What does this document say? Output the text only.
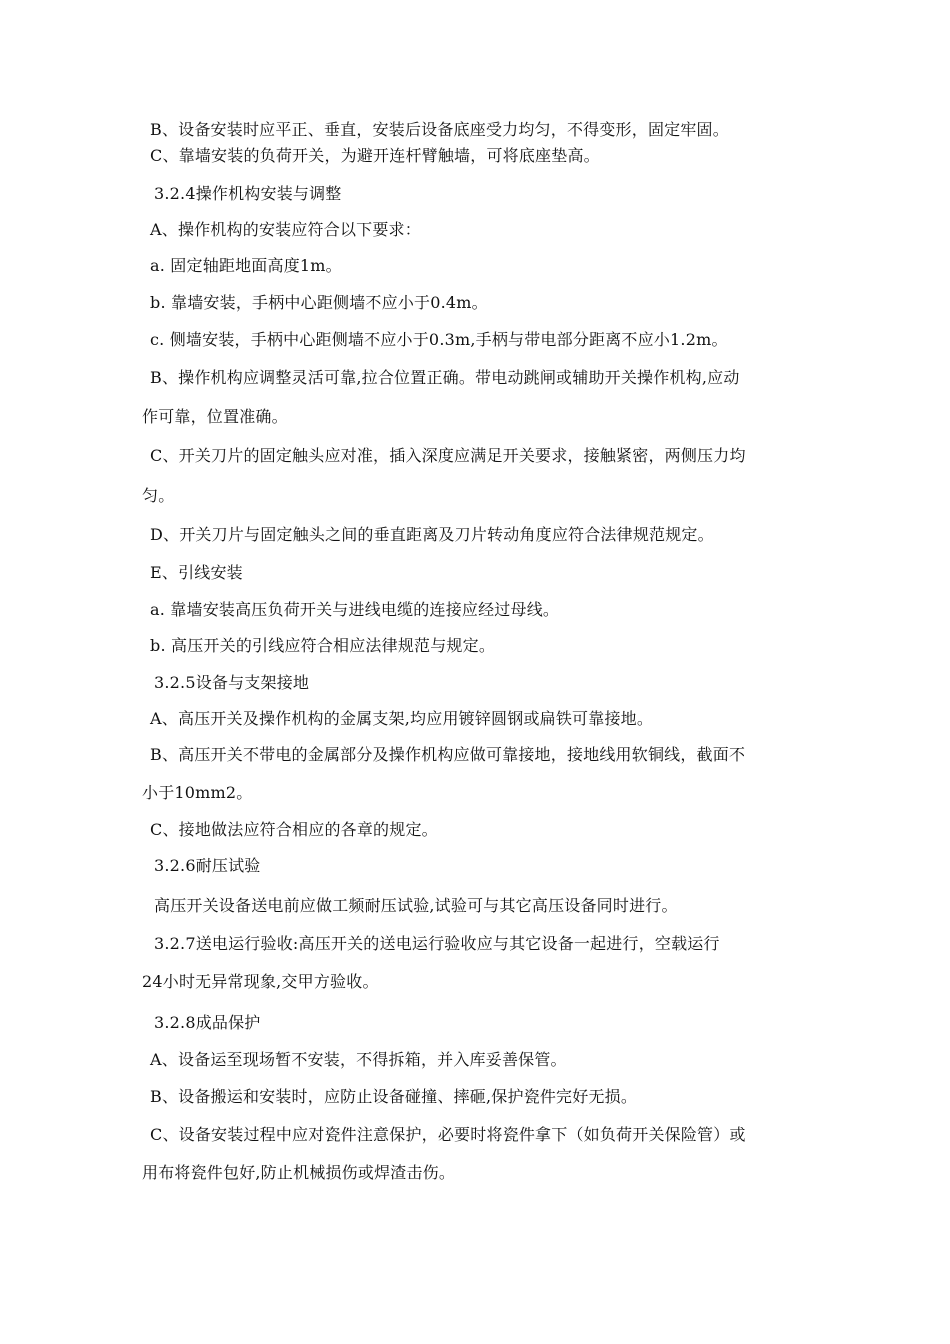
B、设备安装时应平正、垂直，安装后设备底座受力均匀，不得变形，固定牢固。
C、靠墙安装的负荷开关，为避开连杆臂触墙，可将底座垫高。
3.2.4操作机构安装与调整
A、操作机构的安装应符合以下要求：
a. 固定轴距地面高度1m。
b. 靠墙安装，手柄中心距侧墙不应小于0.4m。
c. 侧墙安装，手柄中心距侧墙不应小于0.3m,手柄与带电部分距离不应小1.2m。
B、操作机构应调整灵活可靠,拉合位置正确。带电动跳闸或辅助开关操作机构,应动
作可靠，位置准确。
C、开关刀片的固定触头应对准，插入深度应满足开关要求，接触紧密，两侧压力均
匀。
D、开关刀片与固定触头之间的垂直距离及刀片转动角度应符合法律规范规定。
E、引线安装
a. 靠墙安装高压负荷开关与进线电缆的连接应经过母线。
b. 高压开关的引线应符合相应法律规范与规定。
3.2.5设备与支架接地
A、高压开关及操作机构的金属支架,均应用镀锌圆钢或扁铁可靠接地。
B、高压开关不带电的金属部分及操作机构应做可靠接地，接地线用软铜线，截面不
小于10mm2。
C、接地做法应符合相应的各章的规定。
3.2.6耐压试验
高压开关设备送电前应做工频耐压试验,试验可与其它高压设备同时进行。
3.2.7送电运行验收:高压开关的送电运行验收应与其它设备一起进行，空载运行
24小时无异常现象,交甲方验收。
3.2.8成品保护
A、设备运至现场暂不安装，不得拆箱，并入库妥善保管。
B、设备搬运和安装时，应防止设备碰撞、摔砸,保护瓷件完好无损。
C、设备安装过程中应对瓷件注意保护，必要时将瓷件拿下（如负荷开关保险管）或
用布将瓷件包好,防止机械损伤或焊渣击伤。
